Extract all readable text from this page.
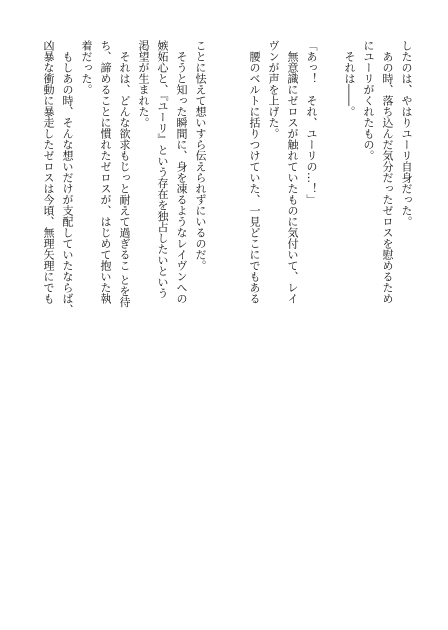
したのは、やはりユーリ自身だった。
　あの時、落ち込んだ気分だったゼロスを慰めるため
にユーリがくれたもの。
　それは――。

「あっ！　それ、ユーリの…！」
　無意識にゼロスが触れていたものに気付いて、レイ
ヴンが声を上げた。
　腰のベルトに括りつけていた、一見どこにでもある
ことに怯えて想いすら伝えられずにいるのだ。
　そうと知った瞬間に、身を凍るようなレイヴンへの
嫉妬心と、『ユーリ』という存在を独占したいという
渇望が生まれた。
　それは、どんな欲求もじっと耐えて過ぎるこ とを待
ち、諦めることに慣れたゼロスが、はじめて抱いた執
着だった。
　もしあの時、そんな想いだけが支配していたならば、
凶暴な衝動に暴走したゼロスは今頃、無理矢理にでも
